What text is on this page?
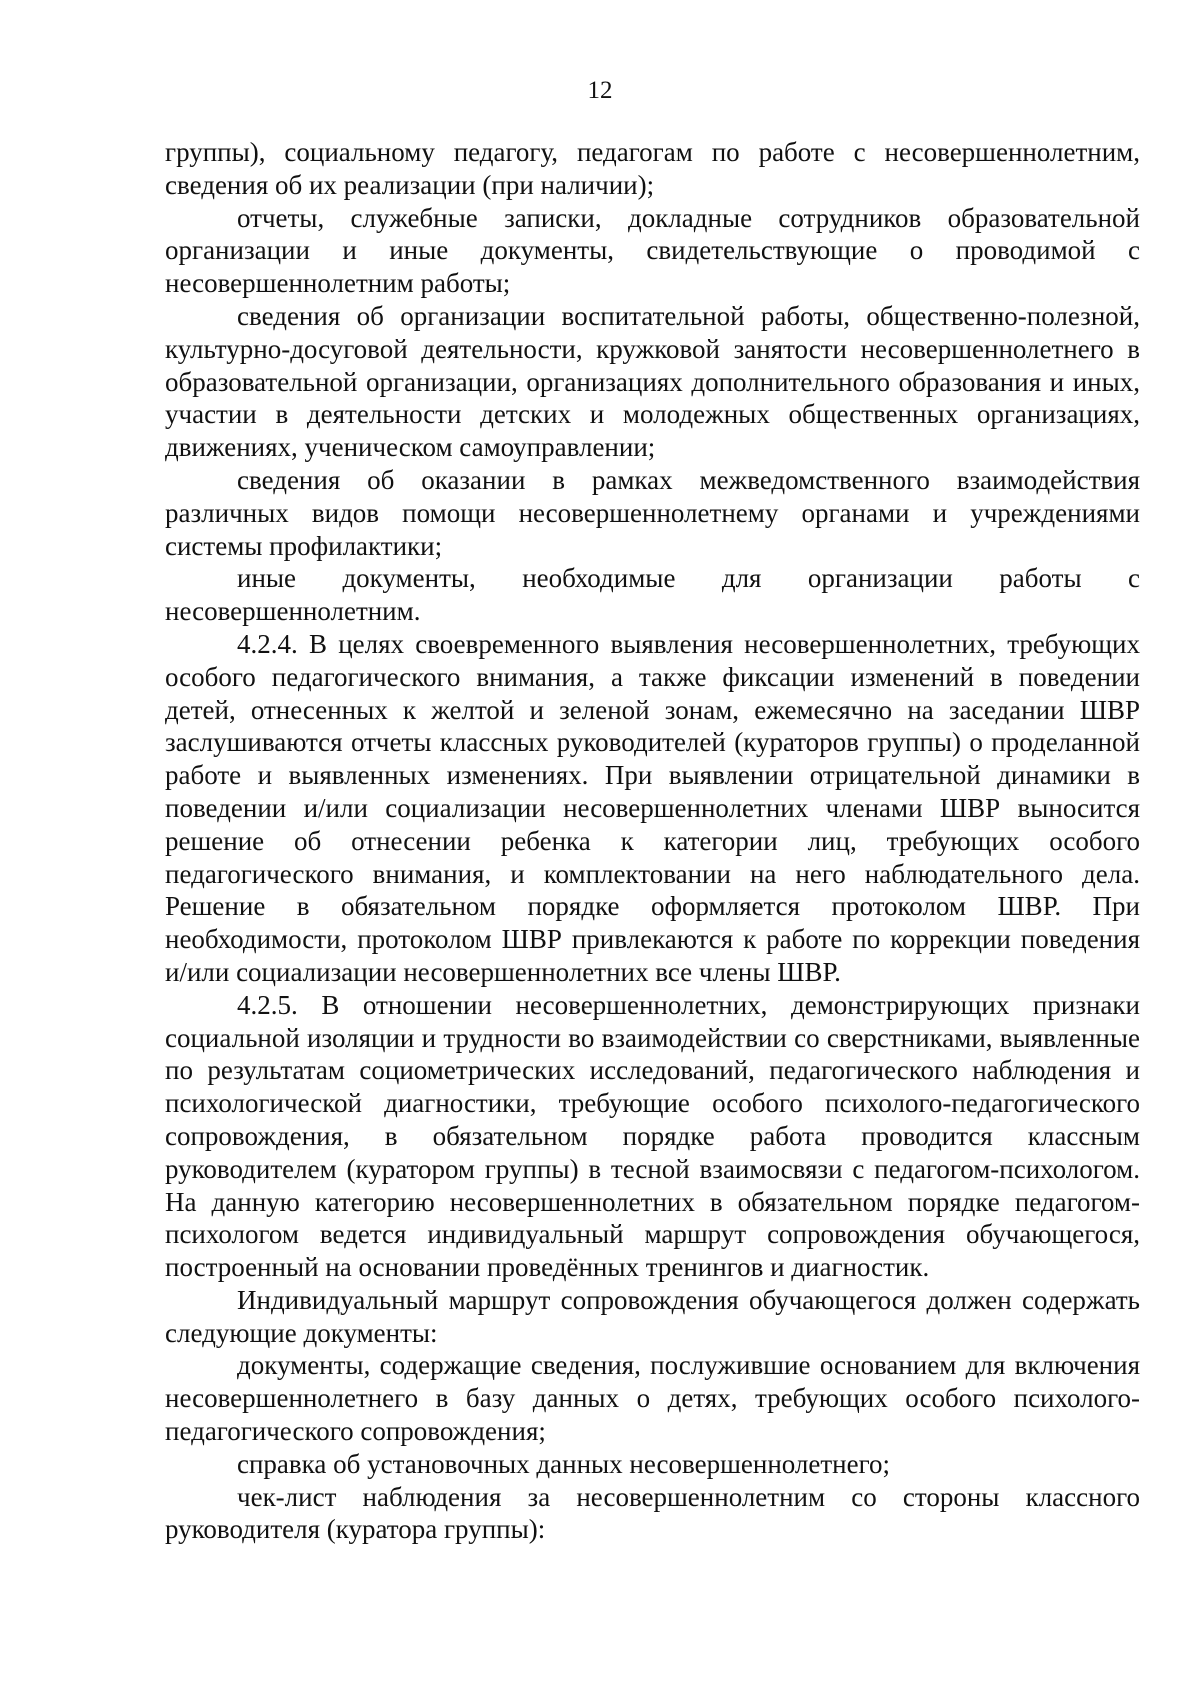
12

группы), социальному педагогу, педагогам по работе с несовершеннолетним, сведения об их реализации (при наличии);

отчеты, служебные записки, докладные сотрудников образовательной организации и иные документы, свидетельствующие о проводимой с несовершеннолетним работы;

сведения об организации воспитательной работы, общественно-полезной, культурно-досуговой деятельности, кружковой занятости несовершеннолетнего в образовательной организации, организациях дополнительного образования и иных, участии в деятельности детских и молодежных общественных организациях, движениях, ученическом самоуправлении;

сведения об оказании в рамках межведомственного взаимодействия различных видов помощи несовершеннолетнему органами и учреждениями системы профилактики;

иные документы, необходимые для организации работы с несовершеннолетним.

4.2.4. В целях своевременного выявления несовершеннолетних, требующих особого педагогического внимания, а также фиксации изменений в поведении детей, отнесенных к желтой и зеленой зонам, ежемесячно на заседании ШВР заслушиваются отчеты классных руководителей (кураторов группы) о проделанной работе и выявленных изменениях. При выявлении отрицательной динамики в поведении и/или социализации несовершеннолетних членами ШВР выносится решение об отнесении ребенка к категории лиц, требующих особого педагогического внимания, и комплектовании на него наблюдательного дела. Решение в обязательном порядке оформляется протоколом ШВР. При необходимости, протоколом ШВР привлекаются к работе по коррекции поведения и/или социализации несовершеннолетних все члены ШВР.

4.2.5. В отношении несовершеннолетних, демонстрирующих признаки социальной изоляции и трудности во взаимодействии со сверстниками, выявленные по результатам социометрических исследований, педагогического наблюдения и психологической диагностики, требующие особого психолого-педагогического сопровождения, в обязательном порядке работа проводится классным руководителем (куратором группы) в тесной взаимосвязи с педагогом-психологом. На данную категорию несовершеннолетних в обязательном порядке педагогом-психологом ведется индивидуальный маршрут сопровождения обучающегося, построенный на основании проведённых тренингов и диагностик.

Индивидуальный маршрут сопровождения обучающегося должен содержать следующие документы:

документы, содержащие сведения, послужившие основанием для включения несовершеннолетнего в базу данных о детях, требующих особого психолого-педагогического сопровождения;

справка об установочных данных несовершеннолетнего;

чек-лист наблюдения за несовершеннолетним со стороны классного руководителя (куратора группы):
